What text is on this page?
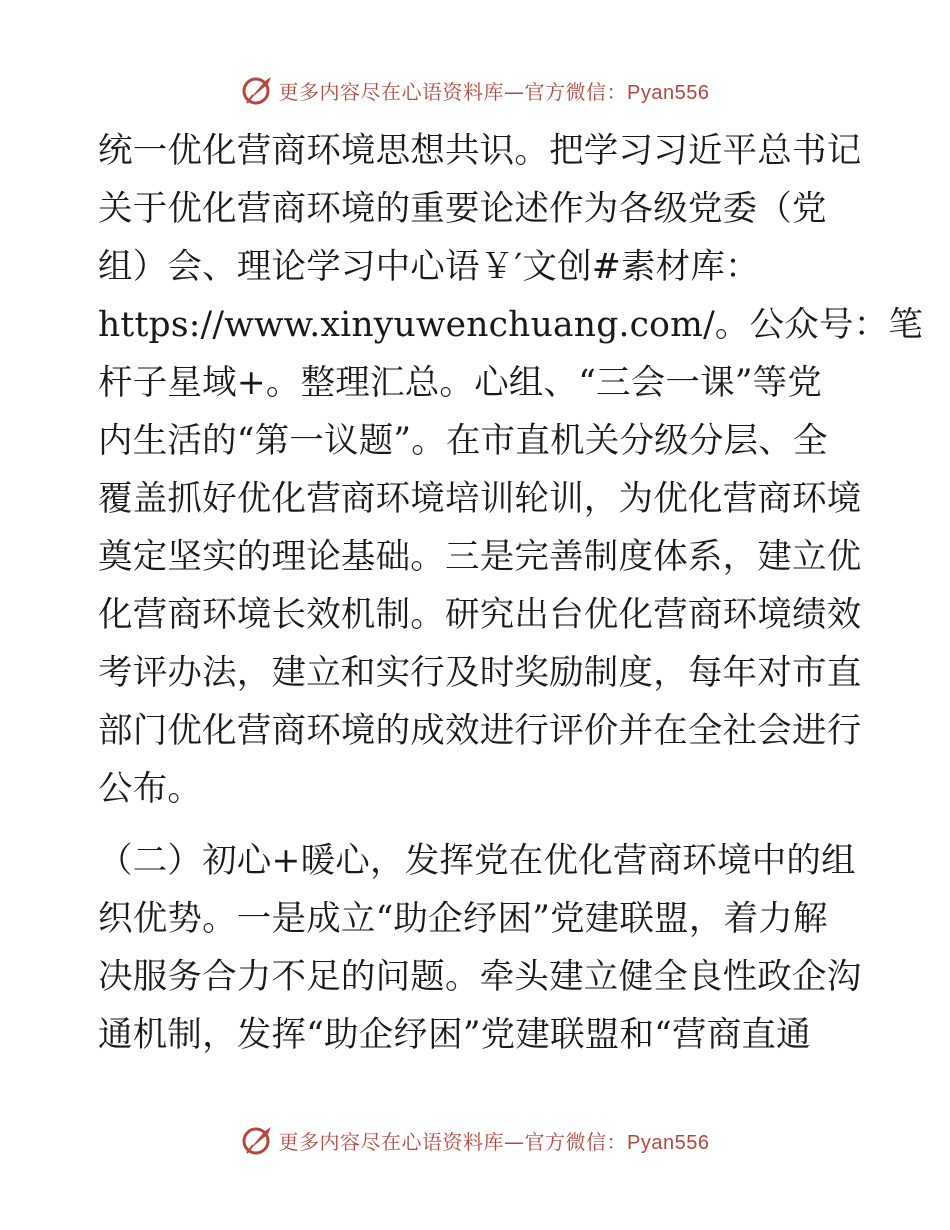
更多内容尽在心语资料库—官方微信：Pyan556
统一优化营商环境思想共识。把学习习近平总书记
关于优化营商环境的重要论述作为各级党委（党
组）会、理论学习中心语￥′文创#素材库：
https://www.xinyuwenchuang.com/。公众号：笔
杆子星域+。整理汇总。心组、“三会一课”等党
内生活的“第一议题”。在市直机关分级分层、全
覆盖抓好优化营商环境培训轮训，为优化营商环境
奠定坚实的理论基础。三是完善制度体系，建立优
化营商环境长效机制。研究出台优化营商环境绩效
考评办法，建立和实行及时奖励制度，每年对市直
部门优化营商环境的成效进行评价并在全社会进行
公布。
（二）初心+暖心，发挥党在优化营商环境中的组
织优势。一是成立“助企纾困”党建联盟，着力解
决服务合力不足的问题。牵头建立健全良性政企沟
通机制，发挥“助企纾困”党建联盟和“营商直通
更多内容尽在心语资料库—官方微信：Pyan556
